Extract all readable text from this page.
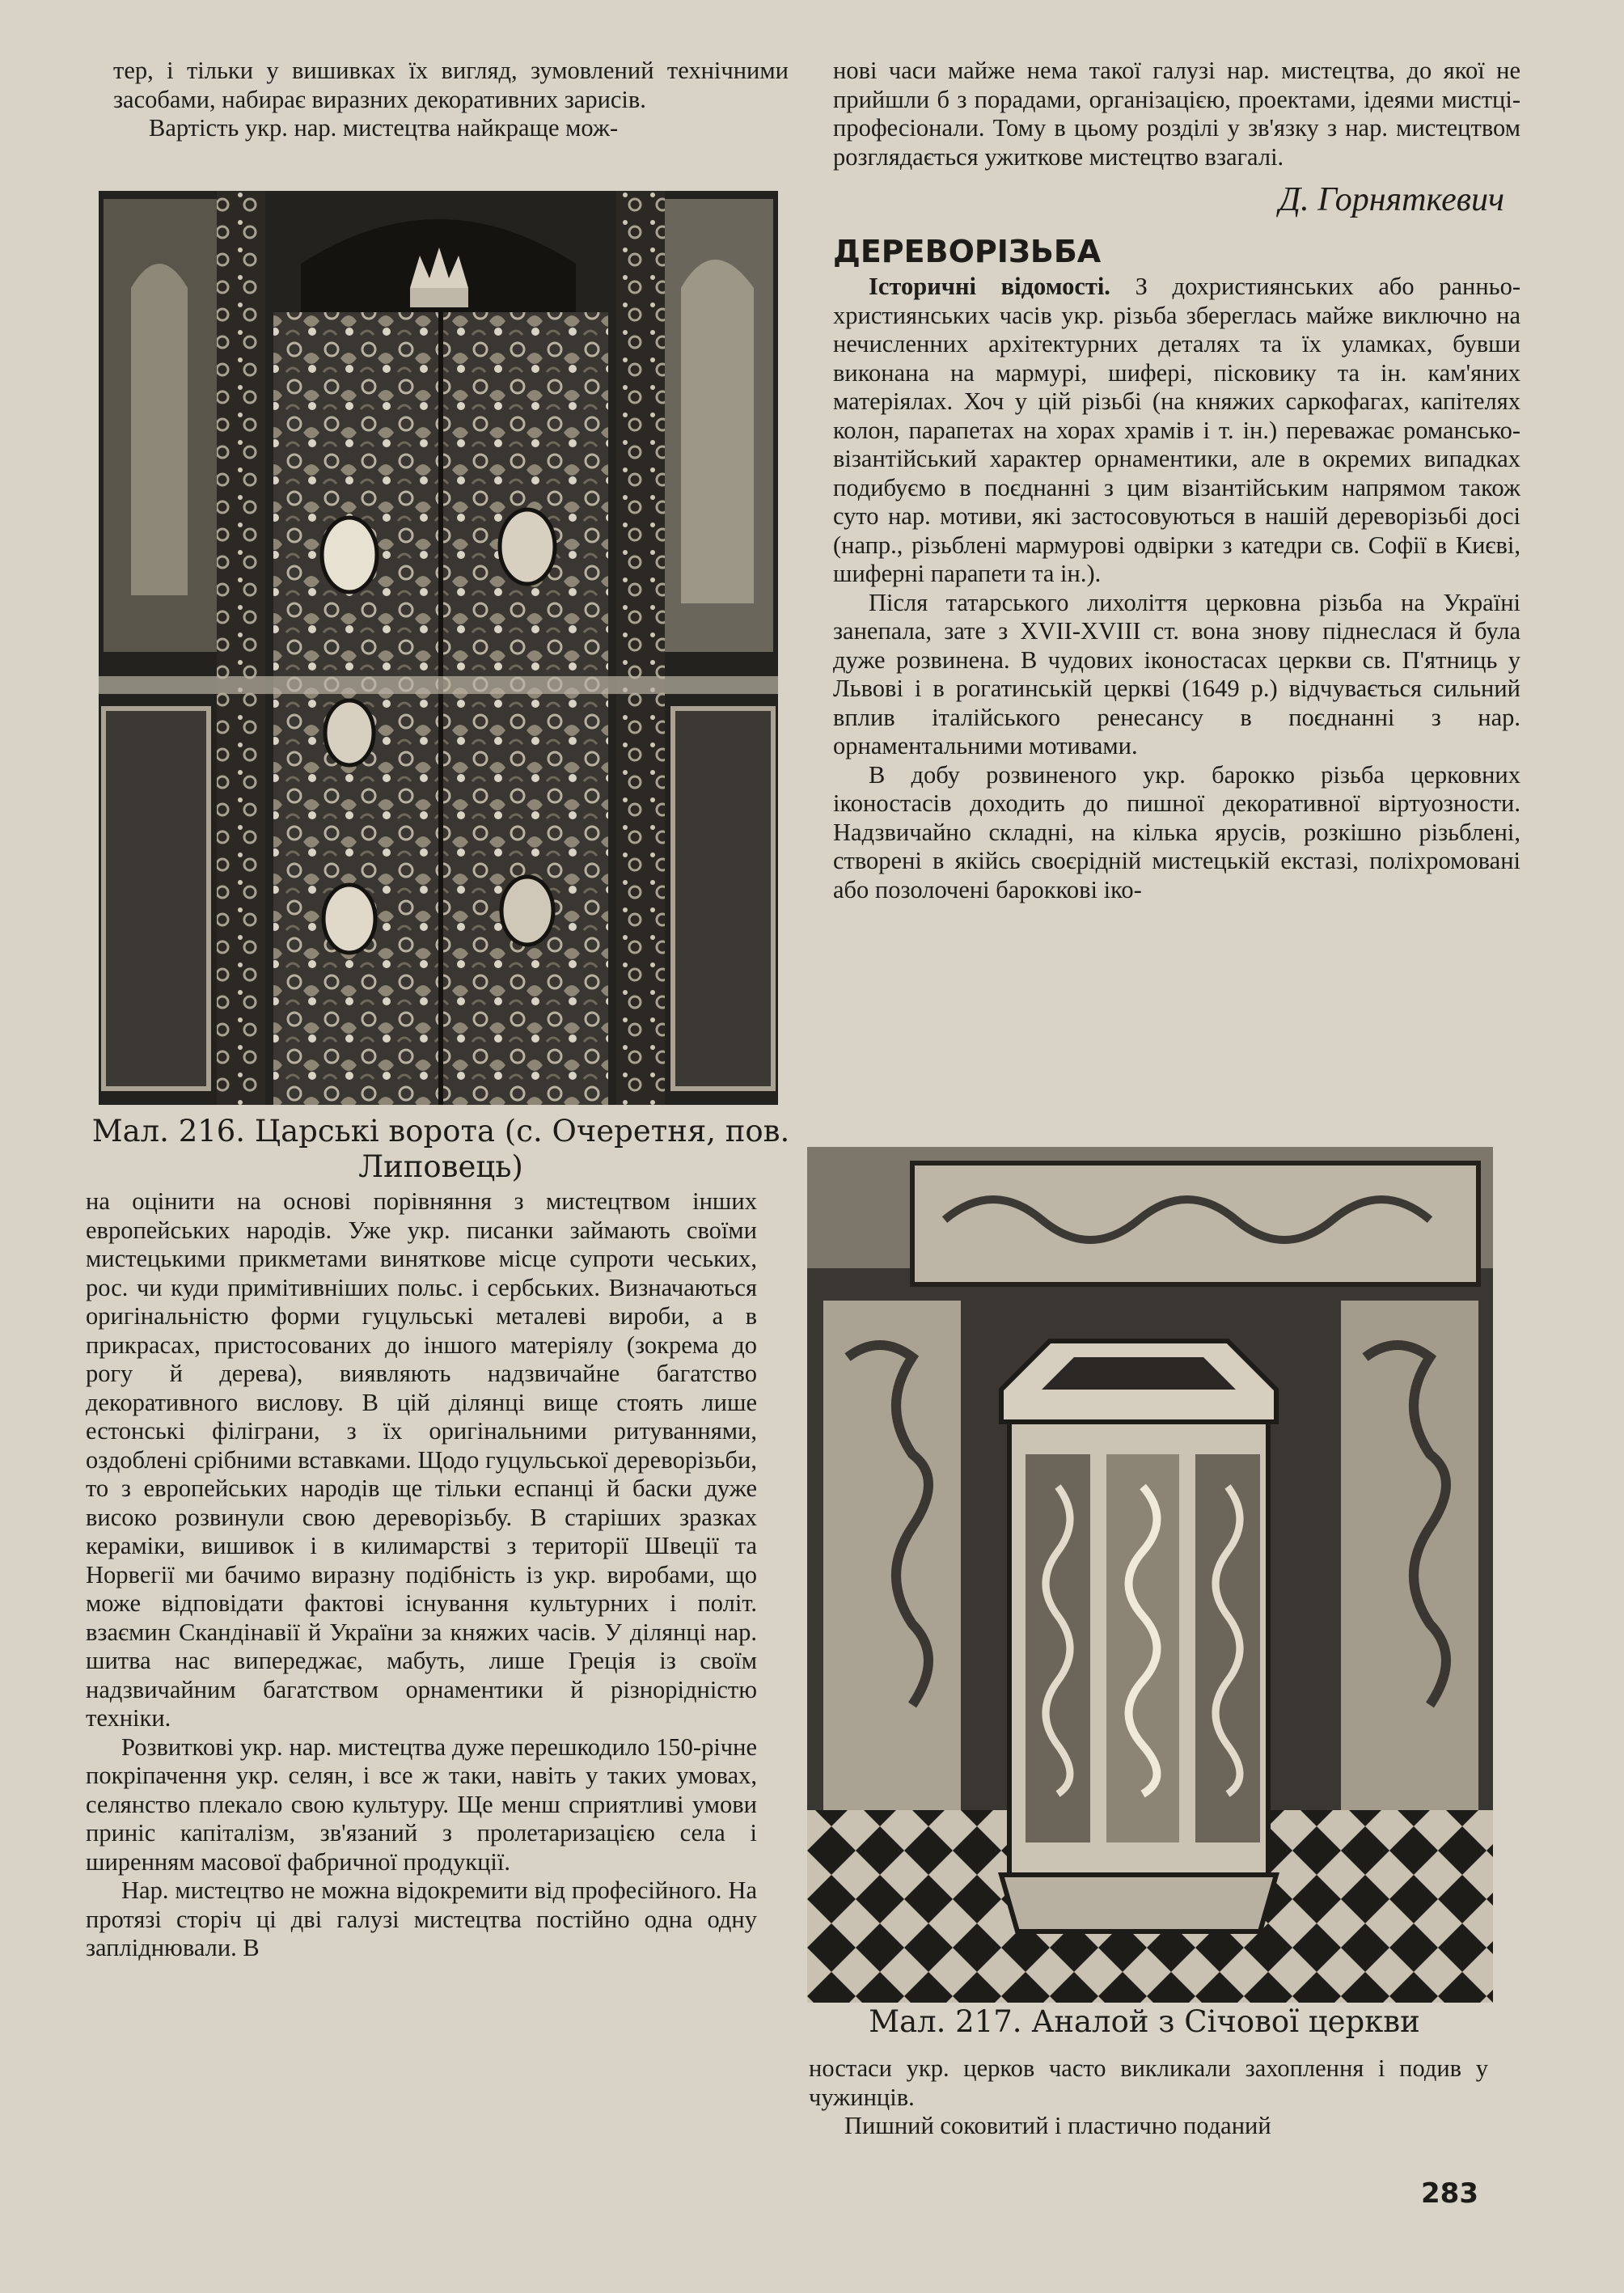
тер, і тільки у вишивках їх вигляд, зумовлений технічними засобами, набирає виразних декоративних зарисів.

Вартість укр. нар. мистецтва найкраще мож-

Мал. 216. Царські ворота (с. Очеретня, пов. Липовець)

на оцінити на основі порівняння з мистецтвом інших европейських народів. Уже укр. писанки займають своїми мистецькими прикметами виняткове місце супроти чеських, рос. чи куди примітивніших польс. і сербських. Визначаються оригінальністю форми гуцульські металеві вироби, а в прикрасах, пристосованих до іншого матеріялу (зокрема до рогу й дерева), виявляють надзвичайне багатство декоративного вислову. В цій ділянці вище стоять лише естонські філіграни, з їх оригінальними ритуваннями, оздоблені срібними вставками. Щодо гуцульської деревoрізьби, то з европейських народів ще тільки еспанці й баски дуже високо розвинули свою деревoрізьбу. В старіших зразках кераміки, вишивок і в килимарстві з території Швеції та Норвегії ми бачимо виразну подібність із укр. виробами, що може відповідати фактові існування культурних і політ. взаємин Скандінавії й України за княжих часів. У ділянці нар. шитва нас випереджає, мабуть, лише Греція із своїм надзвичайним багатством орнаментики й різнорідністю техніки.

Розвиткові укр. нар. мистецтва дуже перешкодило 150-річне покріпачення укр. селян, і все ж таки, навіть у таких умовах, селянство плекало свою культуру. Ще менш сприятливі умови приніс капіталізм, зв'язаний з пролетаризацією села і ширенням масової фабричної продукції.

Нар. мистецтво не можна відокремити від професійного. На протязі сторіч ці дві галузі мистецтва постійно одна одну запліднювали. В

нові часи майже нема такої галузі нар. мистецтва, до якої не прийшли б з порадами, організацією, проектами, ідеями мистці-професіонали. Тому в цьому розділі у зв'язку з нар. мистецтвом розглядається ужиткове мистецтво взагалі.

Д. Горняткевич

ДЕРЕВОРІЗЬБА

Історичні відомості. З дохристиянських або ранньо-християнських часів укр. різьба збереглась майже виключно на нечисленних архітектурних деталях та їх уламках, бувши виконана на мармурі, шифері, пісковику та ін. кам'яних матеріялах. Хоч у цій різьбі (на княжих саркофагах, капітелях колон, парапетах на хорах храмів і т. ін.) переважає романсько-візантійський характер орнаментики, але в окремих випадках подибуємо в поєднанні з цим візантійським напрямом також суто нар. мотиви, які застосовуються в нашій деревoрізьбі досі (напр., різьблені мармурові одвірки з катедри св. Софії в Києві, шиферні парапети та ін.).

Після татарського лихоліття церковна різьба на Україні занепала, зате з XVII-XVIII ст. вона знову піднеслася й була дуже розвинена. В чудових іконостасах церкви св. П'ятниць у Львові і в рогатинській церкві (1649 р.) відчувається сильний вплив італійського ренесансу в поєднанні з нар. орнаментальними мотивами.

В добу розвиненого укр. барокко різьба церковних іконостасів доходить до пишної декоративної віртуозности. Надзвичайно складні, на кілька ярусів, розкішно різьблені, створені в якійсь своєрідній мистецькій екстазі, поліхромовані або позолочені бароккові іко-

Мал. 217. Аналой з Січової церкви

ностаси укр. церков часто викликали захоплення і подив у чужинців.

Пишний соковитий і пластично поданий

283
